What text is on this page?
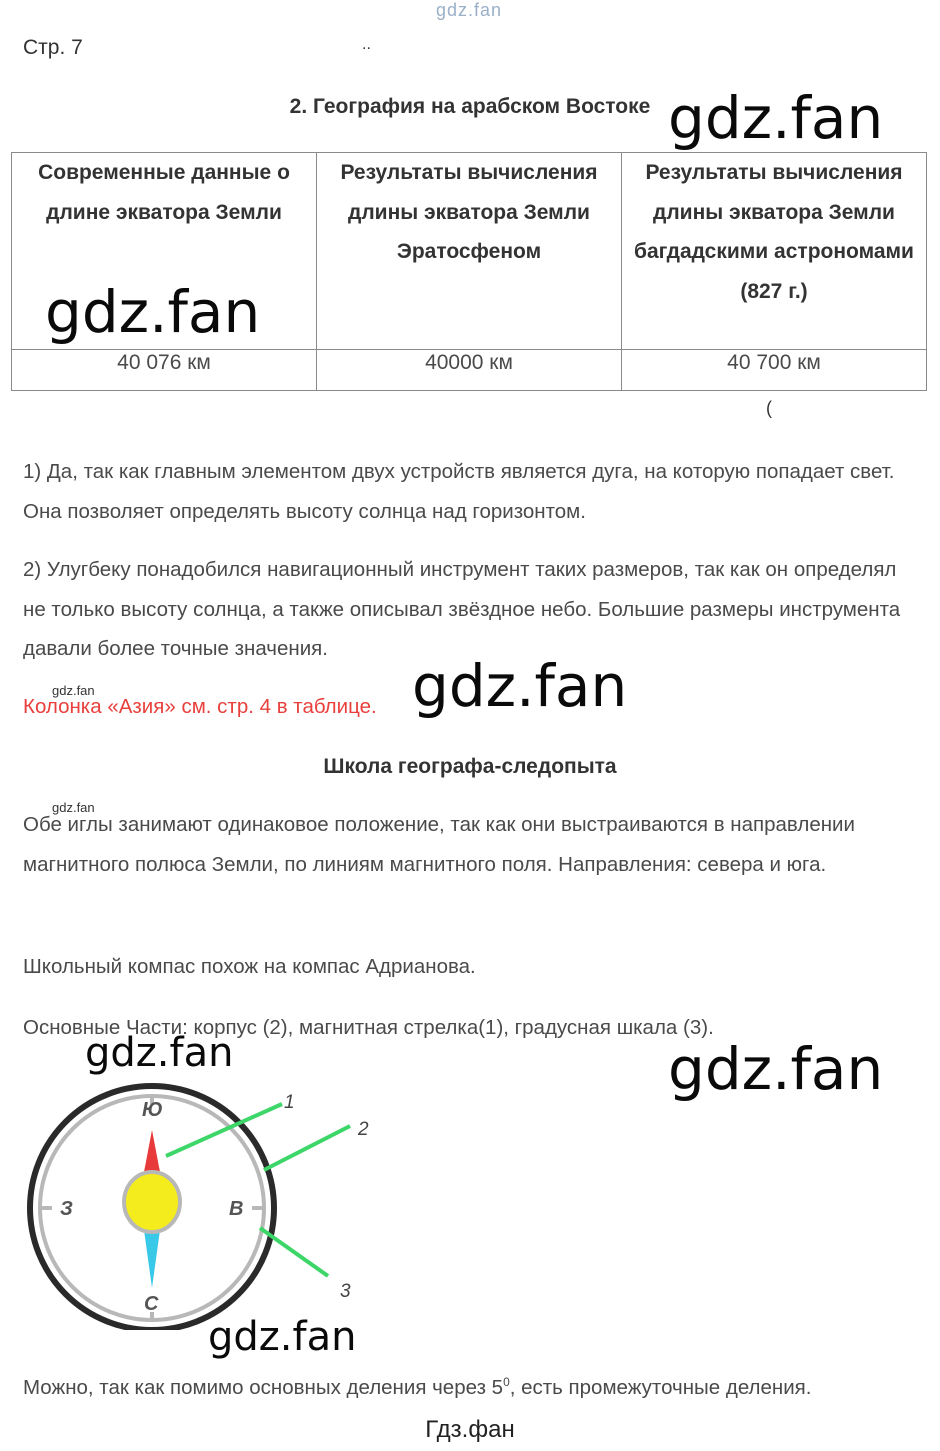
gdz.fan
Стр. 7	..
2. География на арабском Востоке
Современные данные о длине экватора Земли	Результаты вычисления длины экватора Земли Эратосфеном	Результаты вычисления длины экватора Земли багдадскими астрономами (827 г.)
40 076 км	40000 км	40 700 км
(
1) Да, так как главным элементом двух устройств является дуга, на которую попадает свет. Она позволяет определять высоту солнца над горизонтом.
2) Улугбеку понадобился навигационный инструмент таких размеров, так как он определял не только высоту солнца, а также описывал звёздное небо. Большие размеры инструмента давали более точные значения.
gdz.fan
Колонка «Азия» см. стр. 4 в таблице.
Школа географа-следопыта
gdz.fan
Обе иглы занимают одинаковое положение, так как они выстраиваются в направлении магнитного полюса Земли, по линиям магнитного поля. Направления: севера и юга.
Школьный компас похож на компас Адрианова.
Основные Части: корпус (2), магнитная стрелка(1), градусная шкала (3).
Ю
С
З	В
1
2
3
Можно, так как помимо основных деления через $5^0$, есть промежуточные деления.
gdz.fan
gdz.fan
gdz.fan
gdz.fan
gdz.fan
gdz.fan
Гдз.фан
